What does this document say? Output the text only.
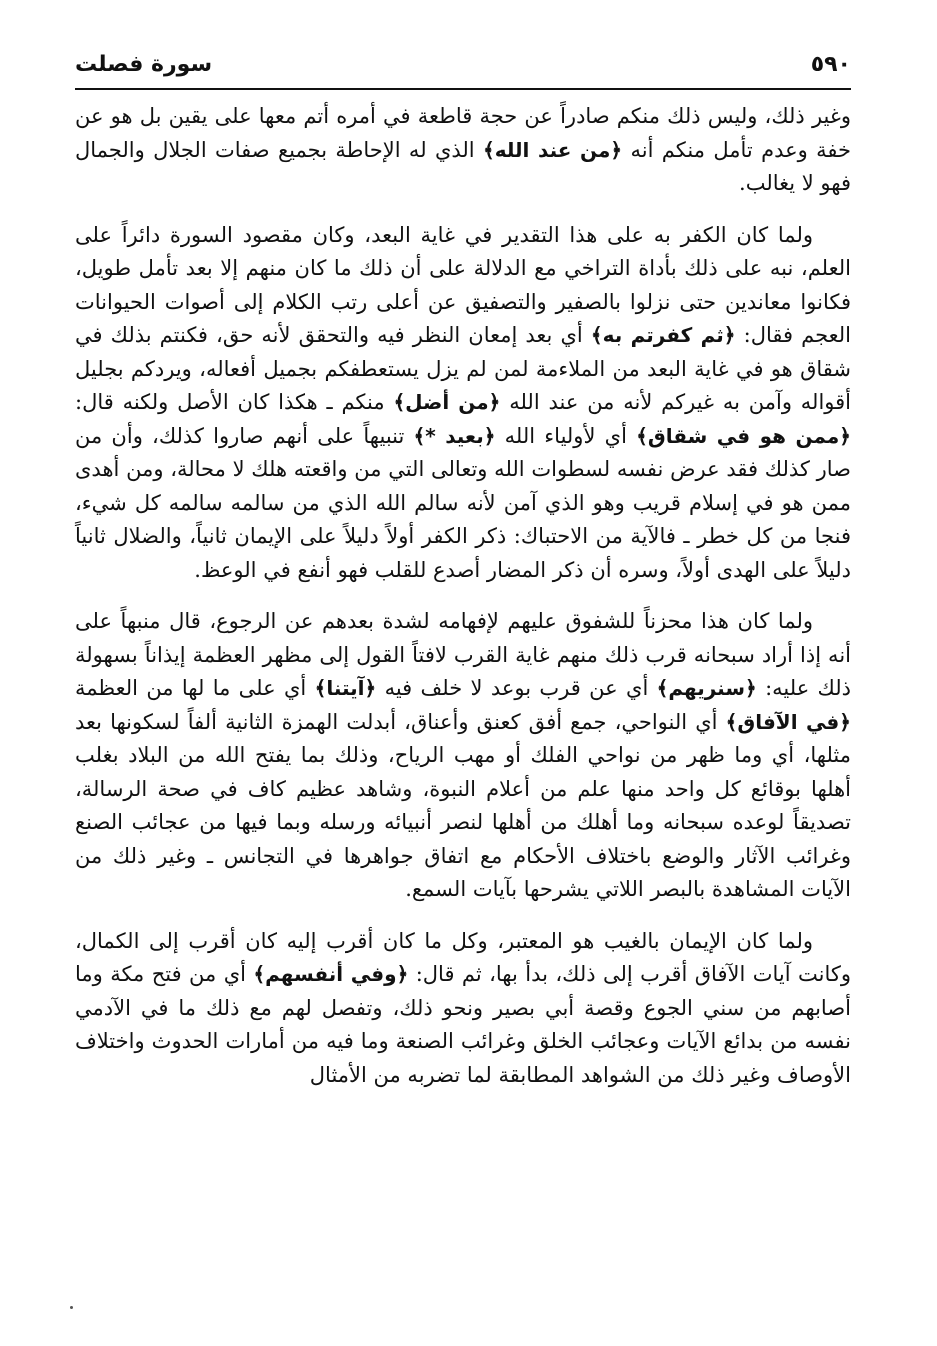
٥٩٠
سورة فصلت

وغير ذلك، وليس ذلك منكم صادراً عن حجة قاطعة في أمره أتم معها على يقين بل هو عن خفة وعدم تأمل منكم أنه ﴿من عند الله﴾ الذي له الإحاطة بجميع صفات الجلال والجمال فهو لا يغالب.

ولما كان الكفر به على هذا التقدير في غاية البعد، وكان مقصود السورة دائراً على العلم، نبه على ذلك بأداة التراخي مع الدلالة على أن ذلك ما كان منهم إلا بعد تأمل طويل، فكانوا معاندين حتى نزلوا بالصفير والتصفيق عن أعلى رتب الكلام إلى أصوات الحيوانات العجم فقال: ﴿ثم كفرتم به﴾ أي بعد إمعان النظر فيه والتحقق لأنه حق، فكنتم بذلك في شقاق هو في غاية البعد من الملاءمة لمن لم يزل يستعطفكم بجميل أفعاله، ويردكم بجليل أقواله وآمن به غيركم لأنه من عند الله ﴿من أضل﴾ منكم ـ هكذا كان الأصل ولكنه قال: ﴿ممن هو في شقاق﴾ أي لأولياء الله ﴿بعيد *﴾ تنبيهاً على أنهم صاروا كذلك، وأن من صار كذلك فقد عرض نفسه لسطوات الله وتعالى التي من واقعته هلك لا محالة، ومن أهدى ممن هو في إسلام قريب وهو الذي آمن لأنه سالم الله الذي من سالمه سالمه كل شيء، فنجا من كل خطر ـ فالآية من الاحتباك: ذكر الكفر أولاً دليلاً على الإيمان ثانياً، والضلال ثانياً دليلاً على الهدى أولاً، وسره أن ذكر المضار أصدع للقلب فهو أنفع في الوعظ.

ولما كان هذا محزناً للشفوق عليهم لإفهامه لشدة بعدهم عن الرجوع، قال منبهاً على أنه إذا أراد سبحانه قرب ذلك منهم غاية القرب لافتاً القول إلى مظهر العظمة إيذاناً بسهولة ذلك عليه: ﴿سنريهم﴾ أي عن قرب بوعد لا خلف فيه ﴿آيتنا﴾ أي على ما لها من العظمة ﴿في الآفاق﴾ أي النواحي، جمع أفق كعنق وأعناق، أبدلت الهمزة الثانية ألفاً لسكونها بعد مثلها، أي وما ظهر من نواحي الفلك أو مهب الرياح، وذلك بما يفتح الله من البلاد بغلب أهلها بوقائع كل واحد منها علم من أعلام النبوة، وشاهد عظيم كاف في صحة الرسالة، تصديقاً لوعده سبحانه وما أهلك من أهلها لنصر أنبيائه ورسله وبما فيها من عجائب الصنع وغرائب الآثار والوضع باختلاف الأحكام مع اتفاق جواهرها في التجانس ـ وغير ذلك من الآيات المشاهدة بالبصر اللاتي يشرحها بآيات السمع.

ولما كان الإيمان بالغيب هو المعتبر، وكل ما كان أقرب إليه كان أقرب إلى الكمال، وكانت آيات الآفاق أقرب إلى ذلك، بدأ بها، ثم قال: ﴿وفي أنفسهم﴾ أي من فتح مكة وما أصابهم من سني الجوع وقصة أبي بصير ونحو ذلك، وتفصل لهم مع ذلك ما في الآدمي نفسه من بدائع الآيات وعجائب الخلق وغرائب الصنعة وما فيه من أمارات الحدوث واختلاف الأوصاف وغير ذلك من الشواهد المطابقة لما تضربه من الأمثال
